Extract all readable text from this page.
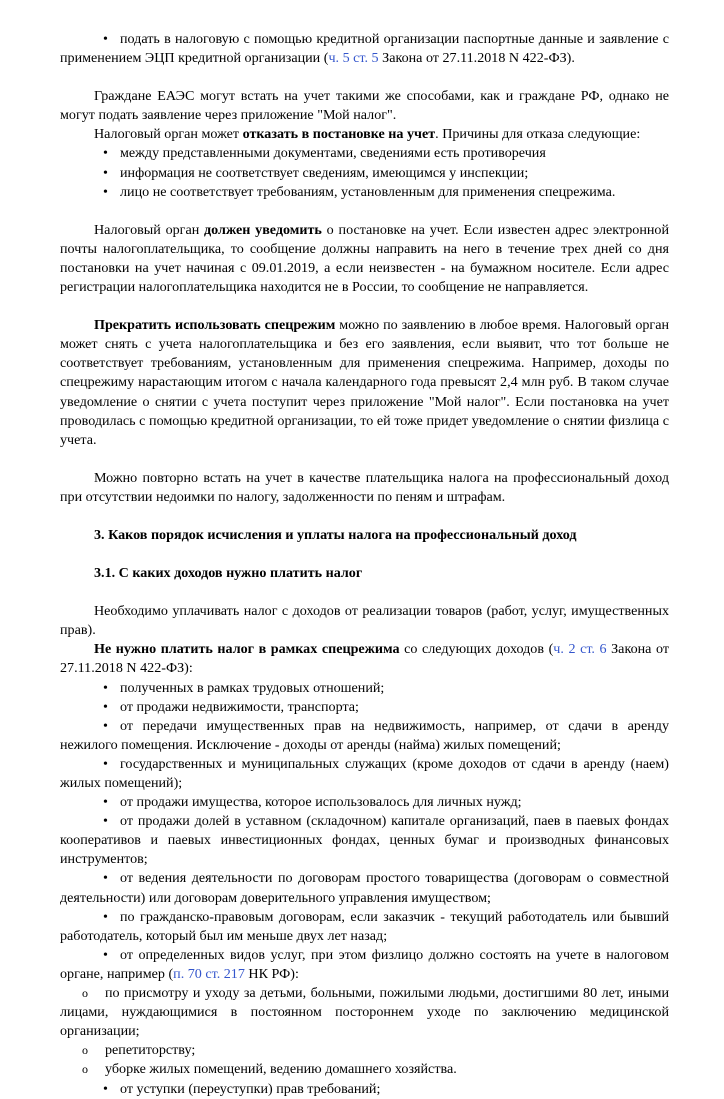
• подать в налоговую с помощью кредитной организации паспортные данные и заявление с применением ЭЦП кредитной организации (ч. 5 ст. 5 Закона от 27.11.2018 N 422-ФЗ).

Граждане ЕАЭС могут встать на учет такими же способами, как и граждане РФ, однако не могут подать заявление через приложение "Мой налог".

Налоговый орган может отказать в постановке на учет. Причины для отказа следующие:

• между представленными документами, сведениями есть противоречия

• информация не соответствует сведениям, имеющимся у инспекции;

• лицо не соответствует требованиям, установленным для применения спецрежима.

Налоговый орган должен уведомить о постановке на учет. Если известен адрес электронной почты налогоплательщика, то сообщение должны направить на него в течение трех дней со дня постановки на учет начиная с 09.01.2019, а если неизвестен - на бумажном носителе. Если адрес регистрации налогоплательщика находится не в России, то сообщение не направляется.

Прекратить использовать спецрежим можно по заявлению в любое время. Налоговый орган может снять с учета налогоплательщика и без его заявления, если выявит, что тот больше не соответствует требованиям, установленным для применения спецрежима. Например, доходы по спецрежиму нарастающим итогом с начала календарного года превысят 2,4 млн руб. В таком случае уведомление о снятии с учета поступит через приложение "Мой налог". Если постановка на учет проводилась с помощью кредитной организации, то ей тоже придет уведомление о снятии физлица с учета.

Можно повторно встать на учет в качестве плательщика налога на профессиональный доход при отсутствии недоимки по налогу, задолженности по пеням и штрафам.

3. Каков порядок исчисления и уплаты налога на профессиональный доход

3.1. С каких доходов нужно платить налог

Необходимо уплачивать налог с доходов от реализации товаров (работ, услуг, имущественных прав).

Не нужно платить налог в рамках спецрежима со следующих доходов (ч. 2 ст. 6 Закона от 27.11.2018 N 422-ФЗ):

• полученных в рамках трудовых отношений;

• от продажи недвижимости, транспорта;

• от передачи имущественных прав на недвижимость, например, от сдачи в аренду нежилого помещения. Исключение - доходы от аренды (найма) жилых помещений;

• государственных и муниципальных служащих (кроме доходов от сдачи в аренду (наем) жилых помещений);

• от продажи имущества, которое использовалось для личных нужд;

• от продажи долей в уставном (складочном) капитале организаций, паев в паевых фондах кооперативов и паевых инвестиционных фондах, ценных бумаг и производных финансовых инструментов;

• от ведения деятельности по договорам простого товарищества (договорам о совместной деятельности) или договорам доверительного управления имуществом;

• по гражданско-правовым договорам, если заказчик - текущий работодатель или бывший работодатель, который был им меньше двух лет назад;

• от определенных видов услуг, при этом физлицо должно состоять на учете в налоговом органе, например (п. 70 ст. 217 НК РФ):

o	по присмотру и уходу за детьми, больными, пожилыми людьми, достигшими 80 лет, иными лицами, нуждающимися в постоянном постороннем уходе по заключению медицинской организации;

o	репетиторству;

o	уборке жилых помещений, ведению домашнего хозяйства.

• от уступки (переуступки) прав требований;
